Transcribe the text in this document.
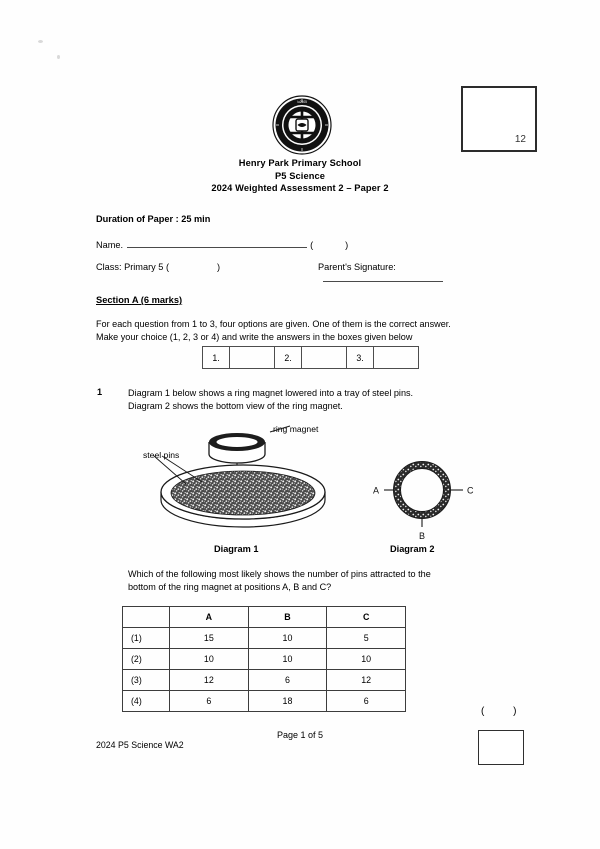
12
\u2605
Henry Park Primary School
P5 Science
2024 Weighted Assessment 2 – Paper 2

Duration of Paper : 25 min

Name.	(	)
Class: Primary 5 (	)	Parent's Signature:
Section A (6 marks)

For each question from 1 to 3, four options are given. One of them is the correct answer.
Make your choice (1, 2, 3 or 4) and write the answers in the boxes given below

1.	2.	3.
1	Diagram 1 below shows a ring magnet lowered into a tray of steel pins.
Diagram 2 shows the bottom view of the ring magnet.
ring magnet
steel pins
A	C
B
Diagram 1	Diagram 2
Which of the following most likely shows the number of pins attracted to the
bottom of the ring magnet at positions A, B and C?
	A	B	C
(1)	15	10	5
(2)	10	10	10
(3)	12	6	12
(4)	6	18	6
( )
Page 1 of 5
2024 P5 Science WA2
